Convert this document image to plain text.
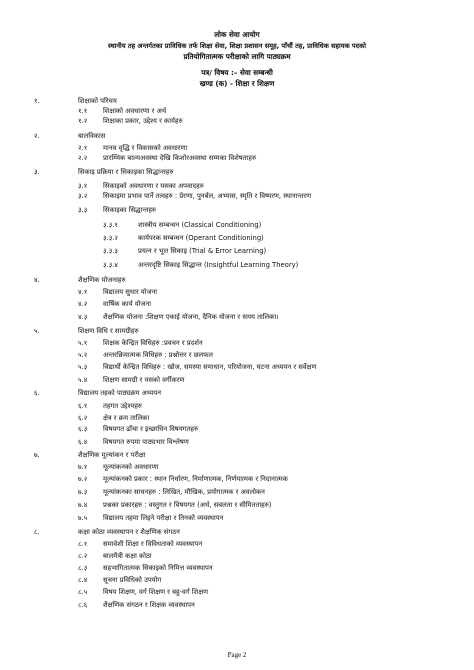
लोक सेवा आयोग
स्थानीय तह अन्तर्गतका प्राविधिक तर्फ शिक्षा सेवा, शिक्षा प्रशासन समूह, पाँचौं तह, प्राविधिक सहायक पदको
प्रतियोगितात्मक परीक्षाको लागि पाठ्यक्रम
पत्र/ विषय :– सेवा सम्बन्धी
खण्ड (क) - शिक्षा र शिक्षण
१.	शिक्षाको परिचय
१.१ शिक्षाको अवधारणा र अर्थ
१.२ शिक्षाका प्रकार, उद्देश्य र कार्यहरु
२.	बालविकास
२.१ मानव वृद्धि र विकासको अवधारणा
२.२ प्रारम्भिक बाल्यअवस्था देखि किशोरअवस्था सम्मका विशेषताहरु
३.	सिकाइ प्रक्रिया र सिकाइका सिद्धान्तहरु
३.१ सिकाइको अवधारणा र यसका अपवादहरु
३.२ सिकाइमा प्रभाव पार्ने तत्वहरु : प्रेरणा, पुनर्बल, अभ्यास, स्मृति र विष्मरण, स्थानान्तरण
३.३ सिकाइका सिद्धान्तहरु
३.३.१	शास्त्रीय सम्बन्धन (Classical Conditioning)
३.३.२	कार्यपरक सम्बन्धन (Operant Conditioning)
३.३.३	प्रयत्न र भूल सिकाइ (Trial & Error Learning)
३.३.४	अन्तरदृष्टि सिकाइ सिद्धान्त (Insightful Learning Theory)
४.	शैक्षणिक योजनाहरु
४.१ विद्यालय सुधार योजना
४.२ वार्षिक कार्य योजना
४.३ शैक्षणिक योजना :शिक्षण एकाई योजना, दैनिक योजना र समय तालिका।
५.	शिक्षण विधि र सामग्रीहरु
५.१ शिक्षक केन्द्रित विधिहरु :प्रवचन र प्रदर्शन
५.२ अन्तरक्रियात्मक विधिहरु : प्रश्नोत्तर र छलफल
५.३ विद्यार्थी केन्द्रित विधिहरु : खोज, समस्या समाधान, परियोजना, घटना अध्ययन र सर्वेक्षण
५.४ शिक्षण सामग्री र यसको वर्गीकरण
६.	विद्यालय तहको पाठ्यक्रम अध्ययन
६.१ तहगत उद्देश्यहरु
६.२ क्षेत्र र क्रम तालिका
६.३ विषयगत ढाँचा र इच्छाधिन विषयगतहरु
६.४ विषयगत रुपमा पाठ्यभार विश्लेषण
७.	शैक्षणिक मूल्यांकन र परीक्षा
७.१ मूल्यांकनको अवधारणा
७.२ मूल्यांकनको प्रकार : स्थान निर्धारण, निर्माणात्मक, निर्णयात्मक र निदानात्मक
७.३ मूल्यांकनका साधनहरु : लिखित, मौखिक, प्रयोगात्मक र अवलोकन
७.४ प्रश्नका प्रकारहरु : वस्तुगत र विषयगत (अर्थ, सबलता र सीमितताहरु)
७.५ विद्यालय तहमा लिइने परीक्षा र तिनको व्यवस्थापन
८.	कक्षा कोठा व्यवस्थापन र शैक्षणिक संगठन
८.१ समावेशी शिक्षा र विविधताको व्यवस्थापन
८.२ बालमैत्री कक्षा कोठा
८.३ सहभागितात्मक सिकाइको निमित्त व्यवस्थापन
८.४ सूचना प्रविधिको उपयोग
८.५ विषय शिक्षण, वर्ग शिक्षण र बहु-वर्ग शिक्षण
८.६ शैक्षणिक संगठन र शिक्षक व्यवस्थापन
Page 2
